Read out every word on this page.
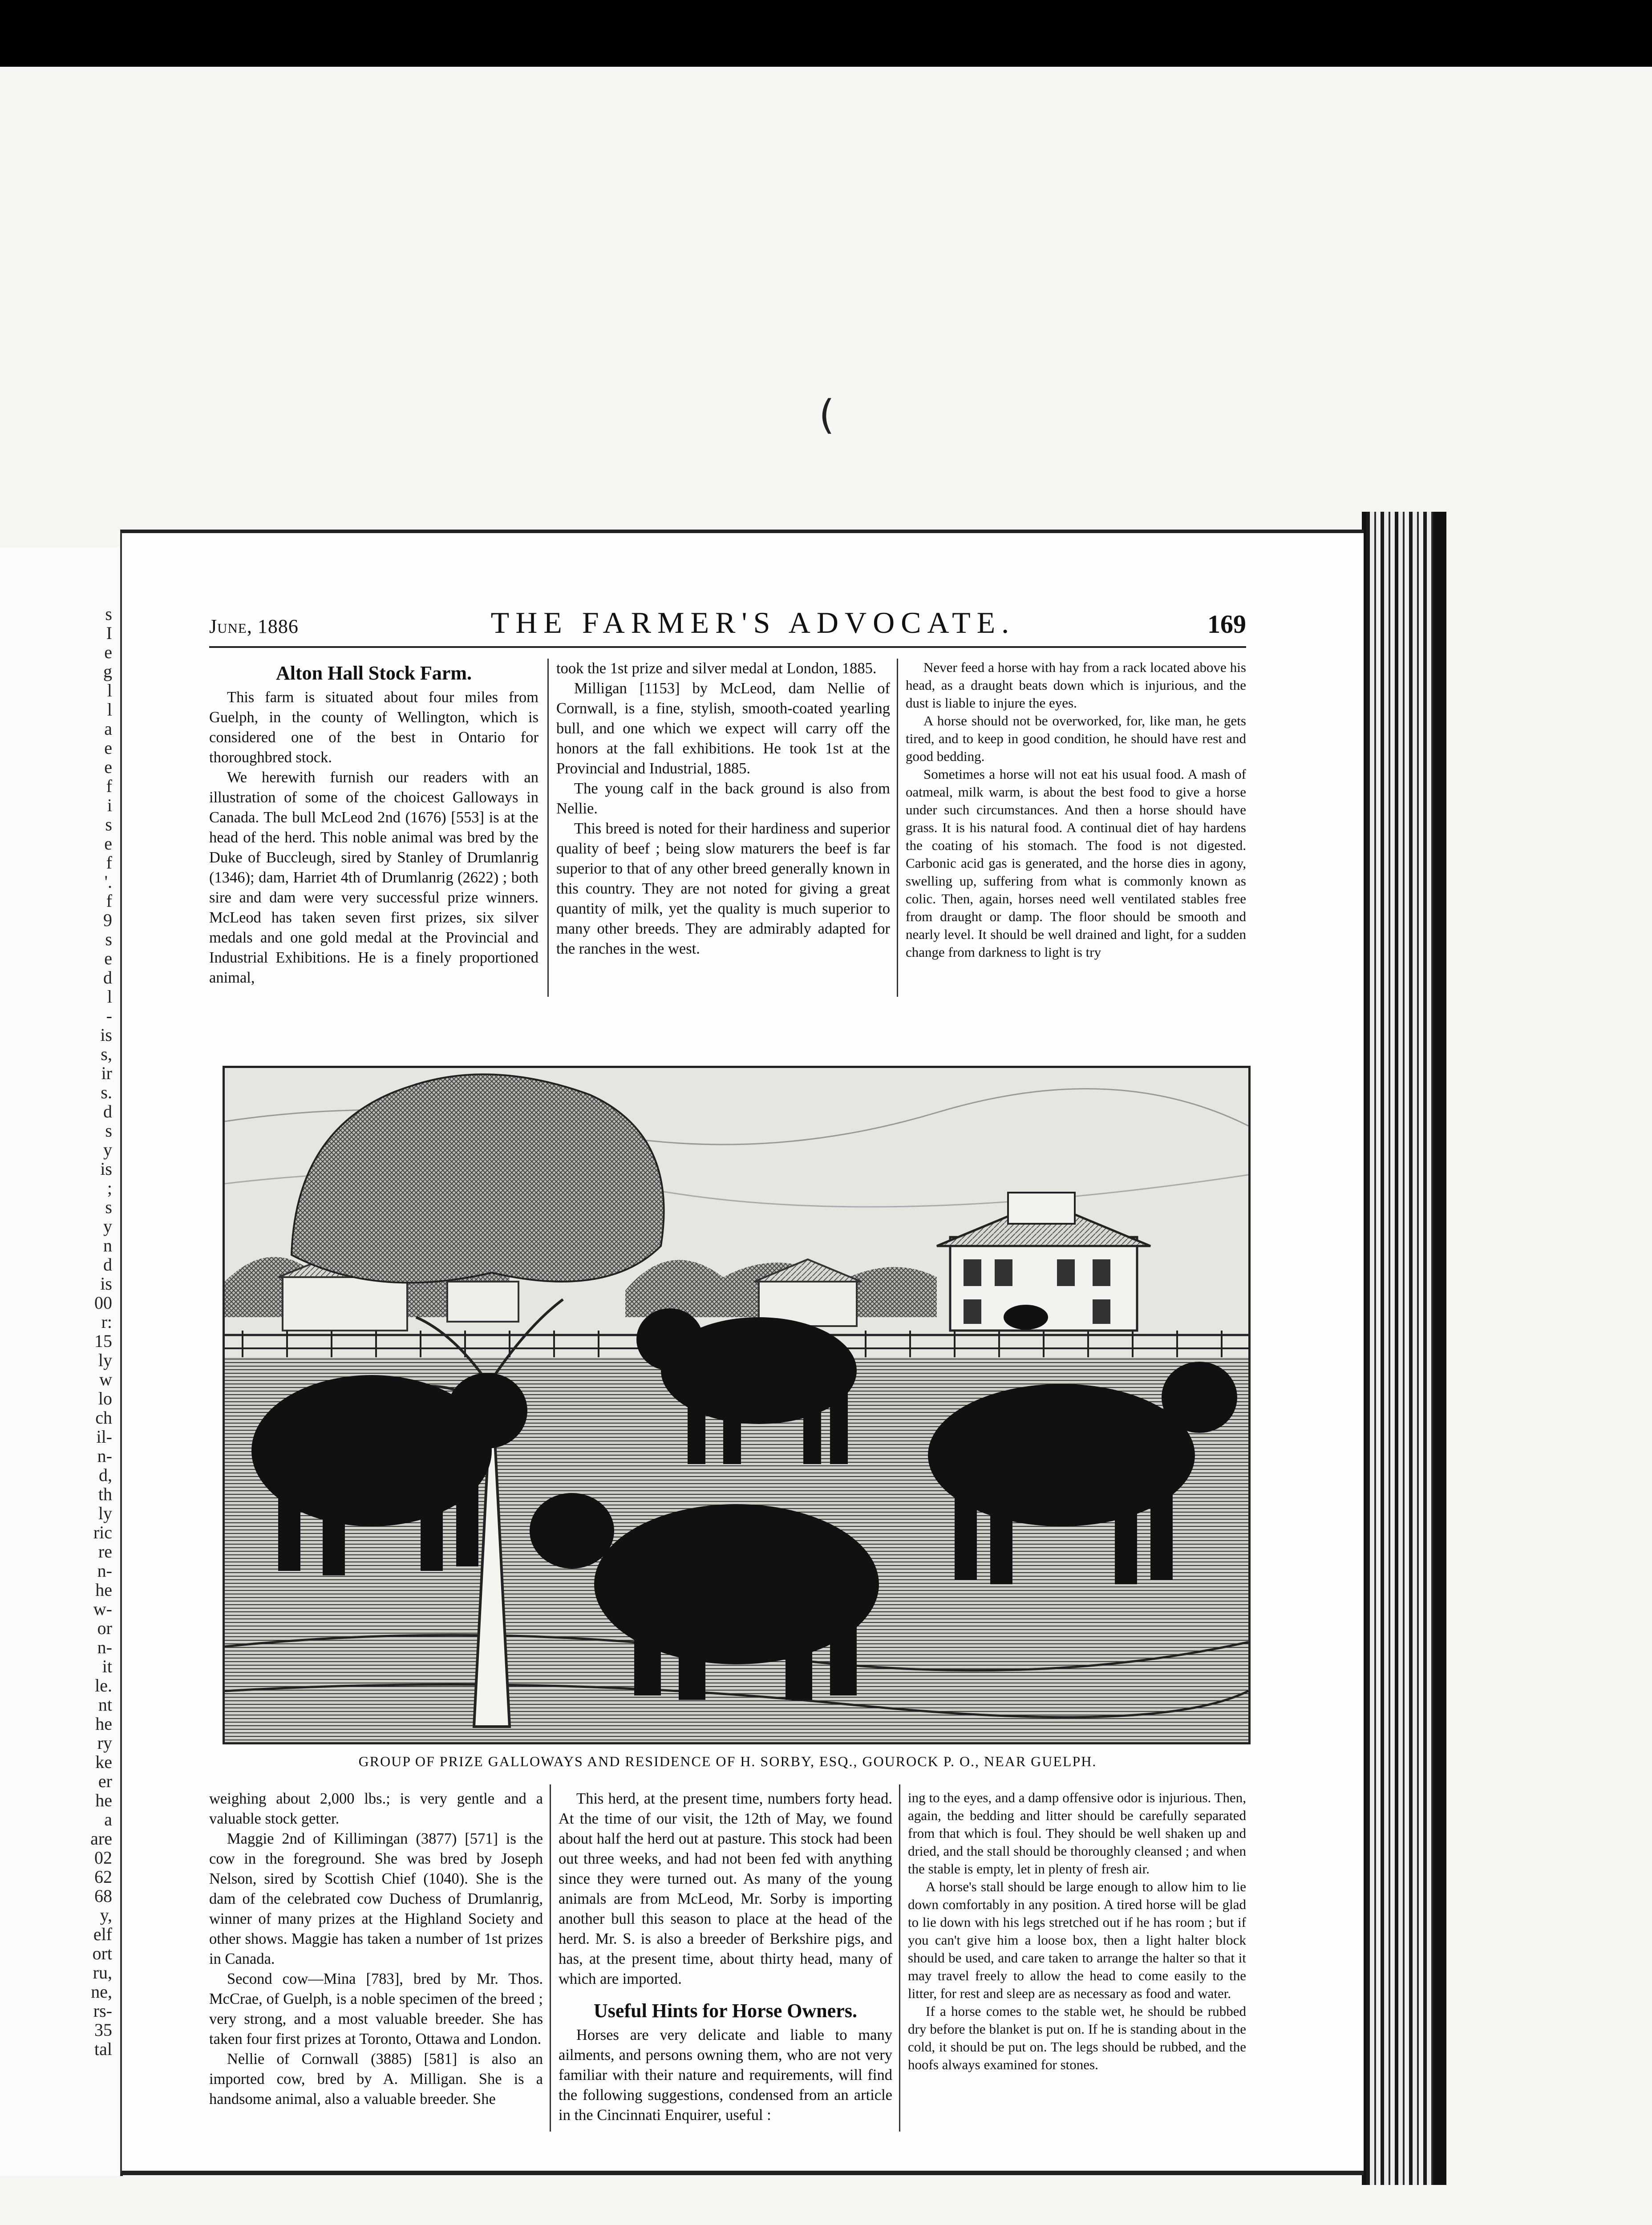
s
I
e
g
l
l
a
e
e
f
i
s
e
f
'.
f
9
s
e
d
l
-
is
s,
ir
s.
d
s
y
is
;
s
y
n
d
is
00
r:
15
ly
w
lo
ch
il-
n-
d,
th
ly
ric
re
n-
he
w-
or
n-
it
le.
nt
he
ry
ke
er
he
a
are
02
62
68
y,
elf
ort
ru,
ne,
rs-
35
tal
(
June, 1886	THE FARMER'S ADVOCATE.	169
Alton Hall Stock Farm.

This farm is situated about four miles from Guelph, in the county of Wellington, which is considered one of the best in Ontario for thoroughbred stock.

We herewith furnish our readers with an illustration of some of the choicest Galloways in Canada. The bull McLeod 2nd (1676) [553] is at the head of the herd. This noble animal was bred by the Duke of Buccleugh, sired by Stanley of Drumlanrig (1346); dam, Harriet 4th of Drumlanrig (2622) ; both sire and dam were very successful prize winners. McLeod has taken seven first prizes, six silver medals and one gold medal at the Provincial and Industrial Exhibitions. He is a finely proportioned animal,

took the 1st prize and silver medal at London, 1885.

Milligan [1153] by McLeod, dam Nellie of Cornwall, is a fine, stylish, smooth-coated yearling bull, and one which we expect will carry off the honors at the fall exhibitions. He took 1st at the Provincial and Industrial, 1885.

The young calf in the back ground is also from Nellie.

This breed is noted for their hardiness and superior quality of beef ; being slow maturers the beef is far superior to that of any other breed generally known in this country. They are not noted for giving a great quantity of milk, yet the quality is much superior to many other breeds. They are admirably adapted for the ranches in the west.

Never feed a horse with hay from a rack located above his head, as a draught beats down which is injurious, and the dust is liable to injure the eyes.

A horse should not be overworked, for, like man, he gets tired, and to keep in good condition, he should have rest and good bedding.

Sometimes a horse will not eat his usual food. A mash of oatmeal, milk warm, is about the best food to give a horse under such circumstances. And then a horse should have grass. It is his natural food. A continual diet of hay hardens the coating of his stomach. The food is not digested. Carbonic acid gas is generated, and the horse dies in agony, swelling up, suffering from what is commonly known as colic. Then, again, horses need well ventilated stables free from draught or damp. The floor should be smooth and nearly level. It should be well drained and light, for a sudden change from darkness to light is try

GROUP OF PRIZE GALLOWAYS AND RESIDENCE OF H. SORBY, ESQ., GOUROCK P. O., NEAR GUELPH.

weighing about 2,000 lbs.; is very gentle and a valuable stock getter.

Maggie 2nd of Killimingan (3877) [571] is the cow in the foreground. She was bred by Joseph Nelson, sired by Scottish Chief (1040). She is the dam of the celebrated cow Duchess of Drumlanrig, winner of many prizes at the Highland Society and other shows. Maggie has taken a number of 1st prizes in Canada.

Second cow—Mina [783], bred by Mr. Thos. McCrae, of Guelph, is a noble specimen of the breed ; very strong, and a most valuable breeder. She has taken four first prizes at Toronto, Ottawa and London.

Nellie of Cornwall (3885) [581] is also an imported cow, bred by A. Milligan. She is a handsome animal, also a valuable breeder. She

This herd, at the present time, numbers forty head. At the time of our visit, the 12th of May, we found about half the herd out at pasture. This stock had been out three weeks, and had not been fed with anything since they were turned out. As many of the young animals are from McLeod, Mr. Sorby is importing another bull this season to place at the head of the herd. Mr. S. is also a breeder of Berkshire pigs, and has, at the present time, about thirty head, many of which are imported.

Useful Hints for Horse Owners.

Horses are very delicate and liable to many ailments, and persons owning them, who are not very familiar with their nature and requirements, will find the following suggestions, condensed from an article in the Cincinnati Enquirer, useful :

ing to the eyes, and a damp offensive odor is injurious. Then, again, the bedding and litter should be carefully separated from that which is foul. They should be well shaken up and dried, and the stall should be thoroughly cleansed ; and when the stable is empty, let in plenty of fresh air.

A horse's stall should be large enough to allow him to lie down comfortably in any position. A tired horse will be glad to lie down with his legs stretched out if he has room ; but if you can't give him a loose box, then a light halter block should be used, and care taken to arrange the halter so that it may travel freely to allow the head to come easily to the litter, for rest and sleep are as necessary as food and water.

If a horse comes to the stable wet, he should be rubbed dry before the blanket is put on. If he is standing about in the cold, it should be put on. The legs should be rubbed, and the hoofs always examined for stones.
